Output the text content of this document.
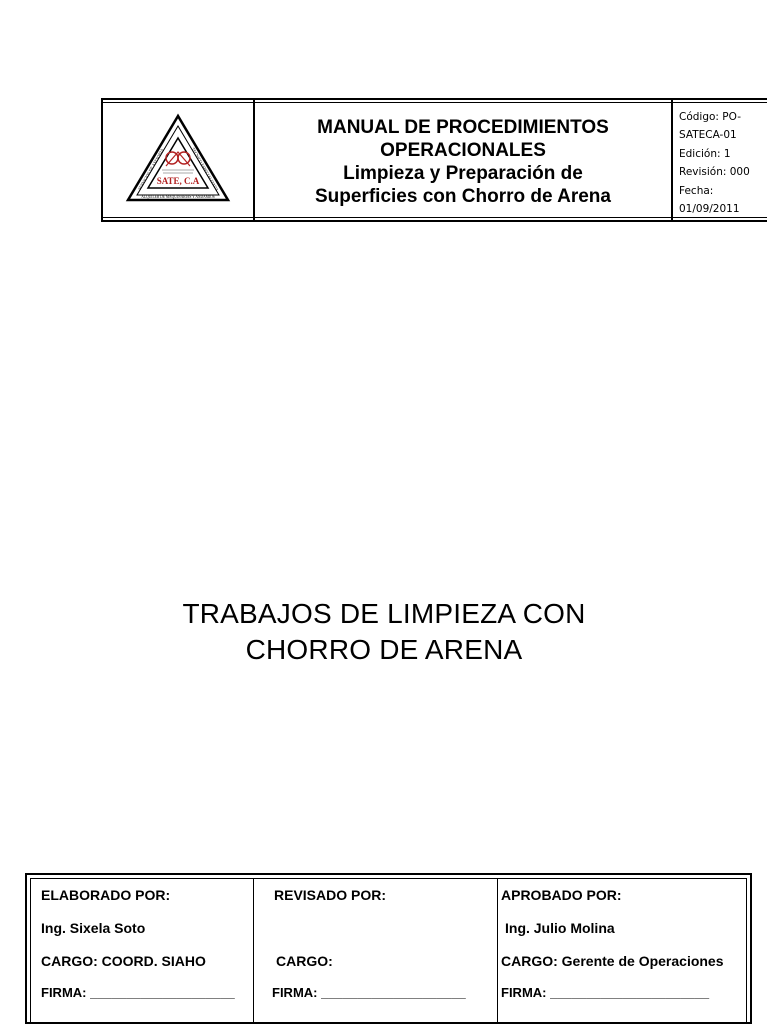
SATE, C.A
ALQUILER DE MAQUINARIAS Y ANDAMIOS
SERVICIOS DE ASESORIA	TECNICO ESPECIALIZADA
MANUAL DE PROCEDIMIENTOS
OPERACIONALES
Limpieza y Preparación de
Superficies con Chorro de Arena
Código: PO-
SATECA-01
Edición: 1
Revisión: 000
Fecha:
01/09/2011
TRABAJOS DE LIMPIEZA CON
CHORRO DE ARENA
ELABORADO POR:
Ing. Sixela Soto
CARGO: COORD. SIAHO
FIRMA: ____________________
REVISADO POR:
CARGO:
FIRMA: ____________________
APROBADO POR:
Ing. Julio Molina
CARGO: Gerente de Operaciones
FIRMA: ______________________
